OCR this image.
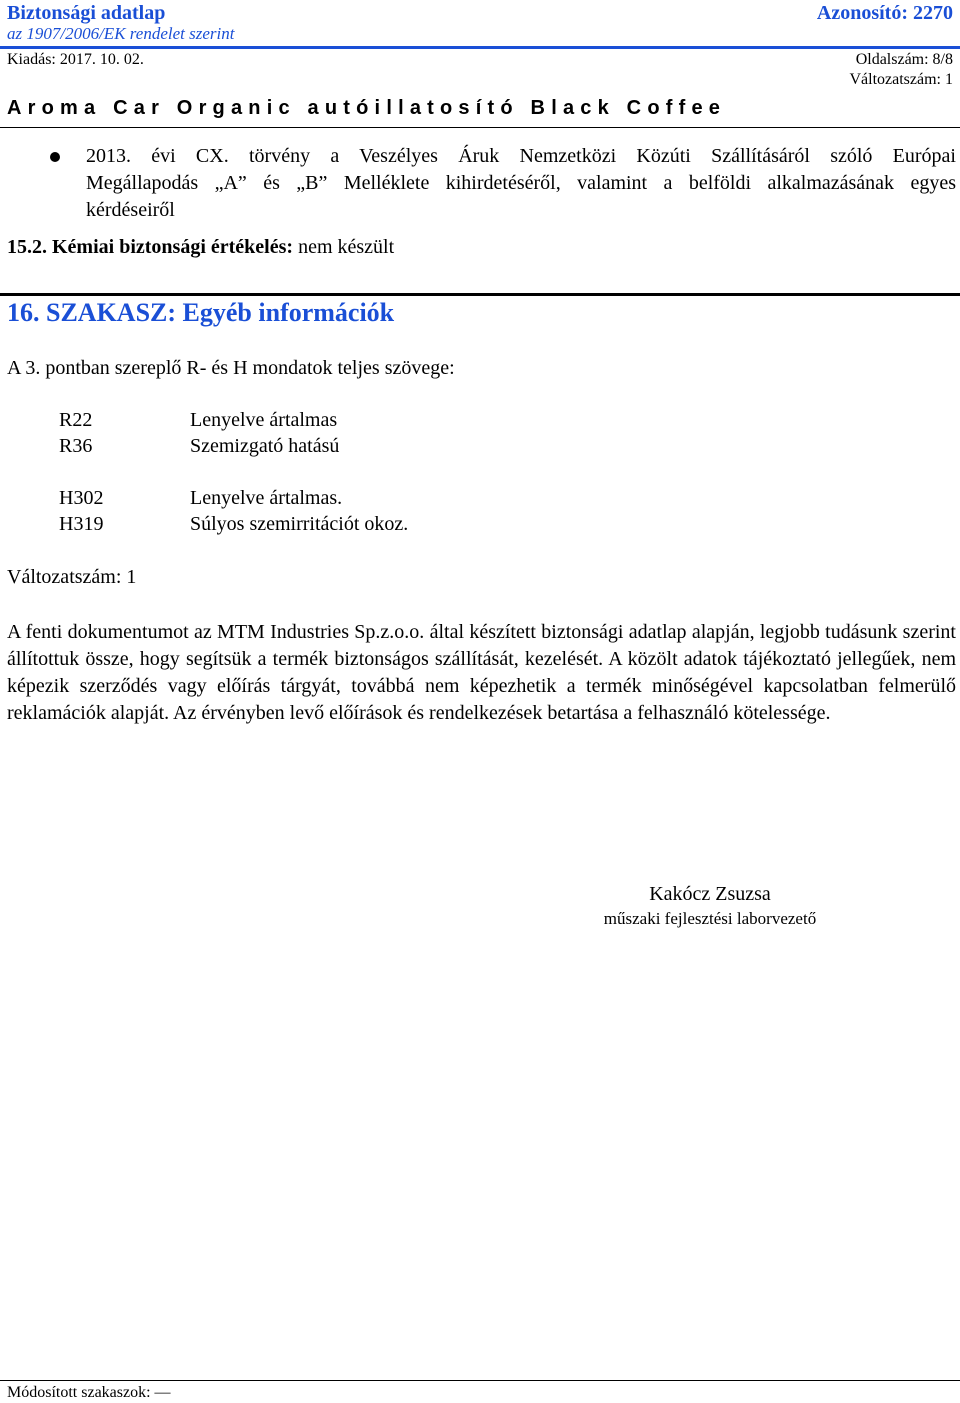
Biztonsági adatlap	Azonosító: 2270
az 1907/2006/EK rendelet szerint
Kiadás: 2017. 10. 02.	Oldalszám: 8/8
Változatszám: 1
Aroma Car Organic autóillatosító Black Coffee
2013. évi CX. törvény a Veszélyes Áruk Nemzetközi Közúti Szállításáról szóló Európai
Megállapodás „A” és „B” Melléklete kihirdetéséről, valamint a belföldi alkalmazásának egyes
kérdéseiről
15.2. Kémiai biztonsági értékelés: nem készült
16. SZAKASZ: Egyéb információk
A 3. pontban szereplő R- és H mondatok teljes szövege:
R22	Lenyelve ártalmas
R36	Szemizgató hatású
H302	Lenyelve ártalmas.
H319	Súlyos szemirritációt okoz.
Változatszám: 1
A fenti dokumentumot az MTM Industries Sp.z.o.o. által készített biztonsági adatlap alapján, legjobb tudásunk szerint állítottuk össze, hogy segítsük a termék biztonságos szállítását, kezelését. A közölt adatok tájékoztató jellegűek, nem képezik szerződés vagy előírás tárgyát, továbbá nem képezhetik a termék minőségével kapcsolatban felmerülő reklamációk alapját. Az érvényben levő előírások és rendelkezések betartása a felhasználó kötelessége.
Kakócz Zsuzsa
műszaki fejlesztési laborvezető
Módosított szakaszok: —
